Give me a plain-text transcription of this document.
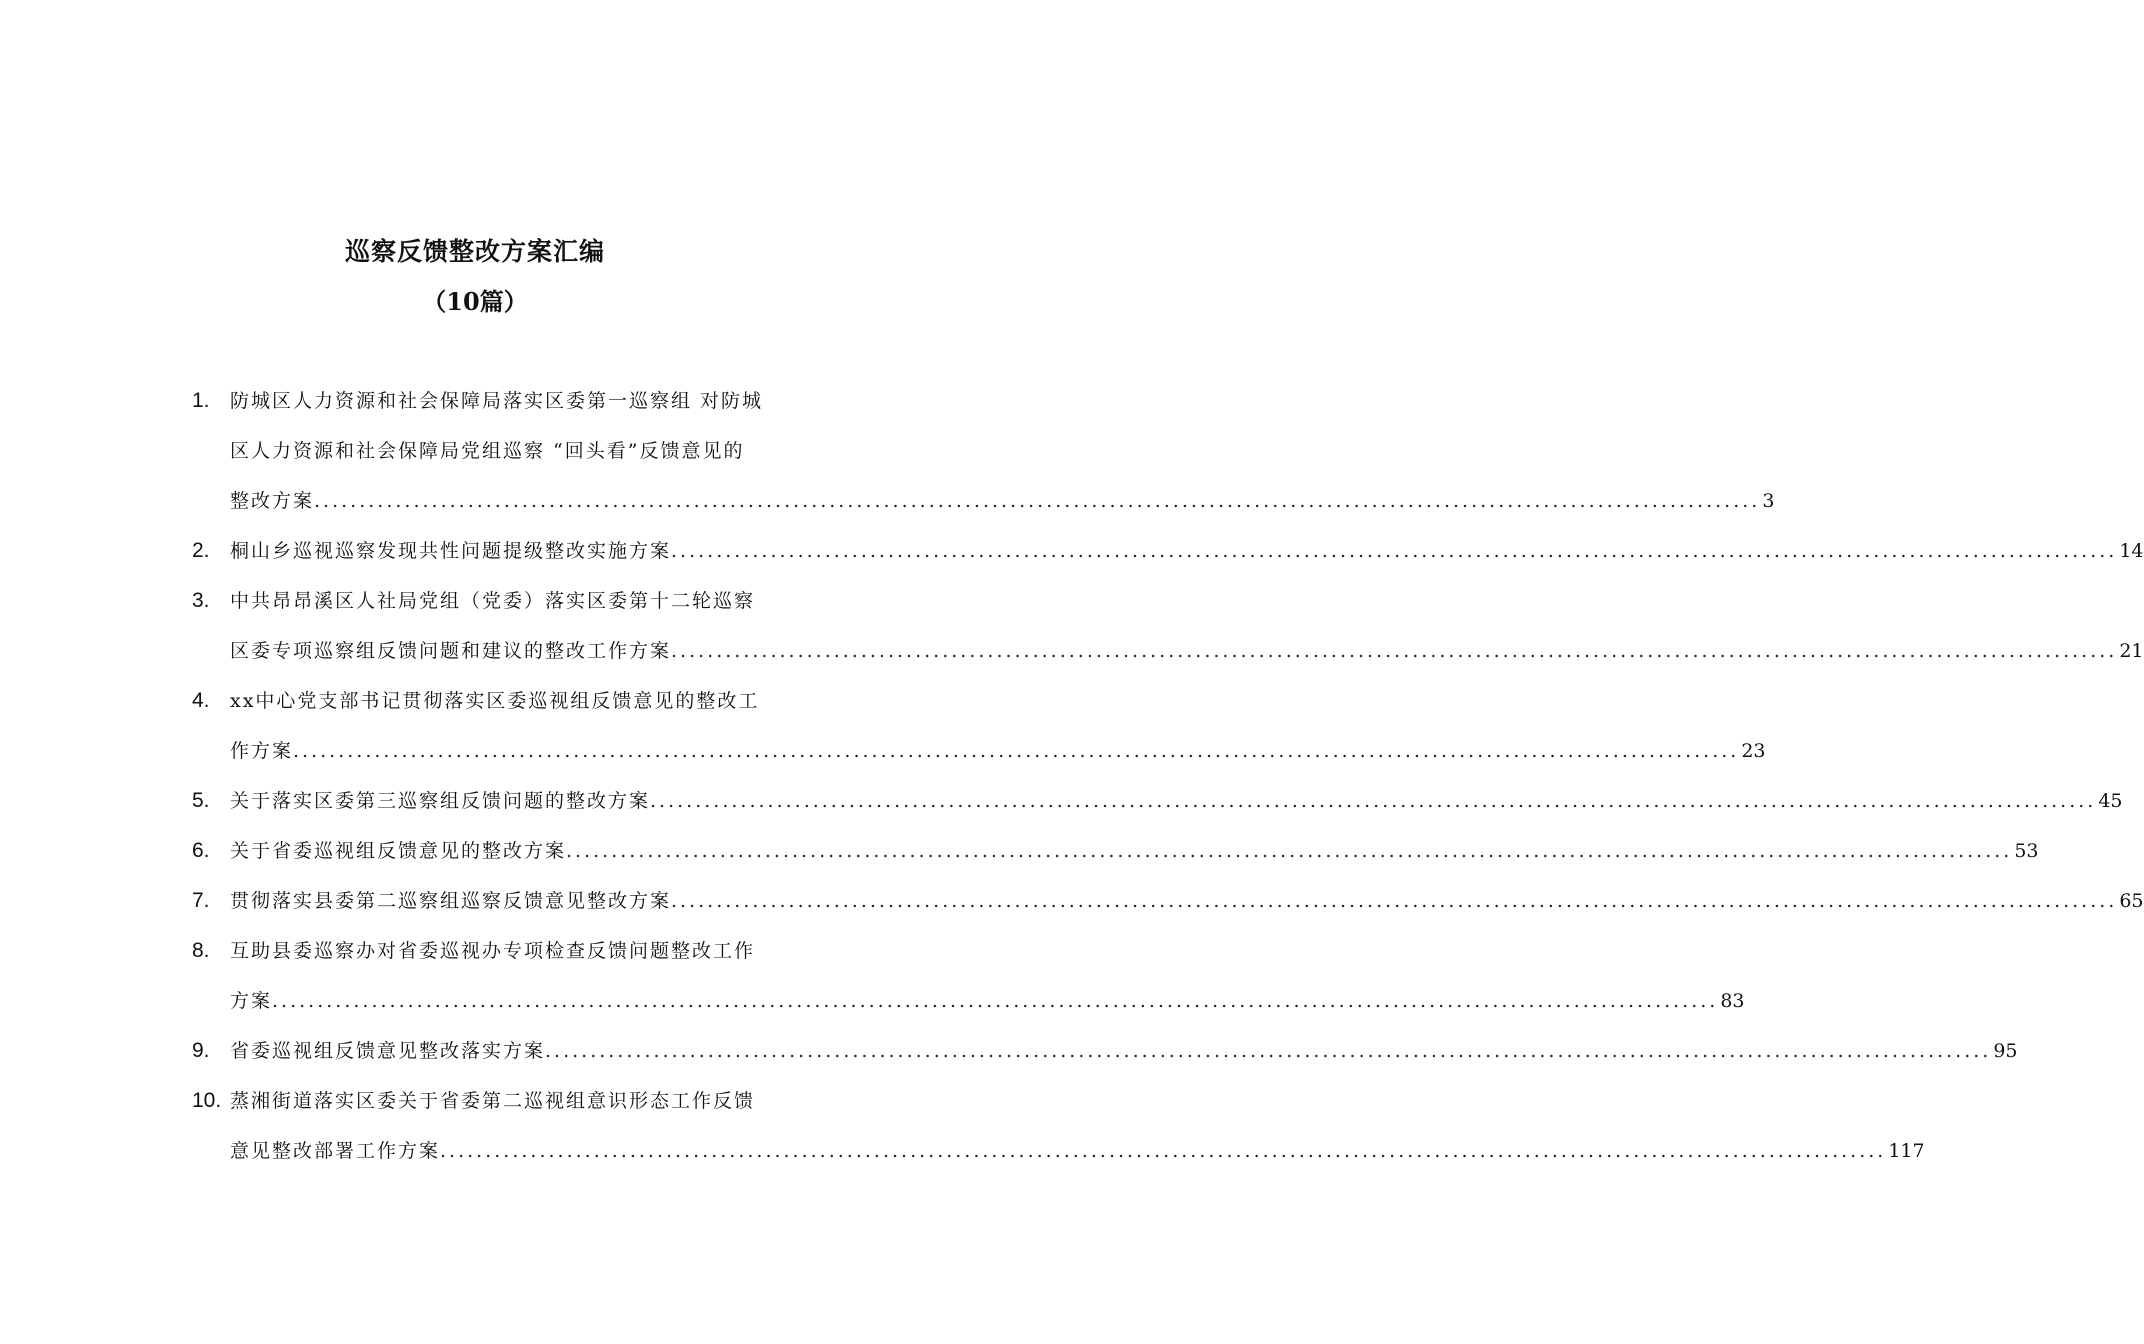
巡察反馈整改方案汇编
（10篇）
1.	防城区人力资源和社会保障局落实区委第一巡察组 对防城
区人力资源和社会保障局党组巡察 “回头看”反馈意见的
整改方案 .....	3
2.	桐山乡巡视巡察发现共性问题提级整改实施方案 .....	14
3.	中共昂昂溪区人社局党组（党委）落实区委第十二轮巡察
区委专项巡察组反馈问题和建议的整改工作方案 .....	21
4.	xx中心党支部书记贯彻落实区委巡视组反馈意见的整改工
作方案 .....	23
5.	关于落实区委第三巡察组反馈问题的整改方案 .....	45
6.	关于省委巡视组反馈意见的整改方案 .....	53
7.	贯彻落实县委第二巡察组巡察反馈意见整改方案 .....	65
8.	互助县委巡察办对省委巡视办专项检查反馈问题整改工作
方案 .....	83
9.	省委巡视组反馈意见整改落实方案 .....	95
10. 蒸湘街道落实区委关于省委第二巡视组意识形态工作反馈
意见整改部署工作方案 .....	117
